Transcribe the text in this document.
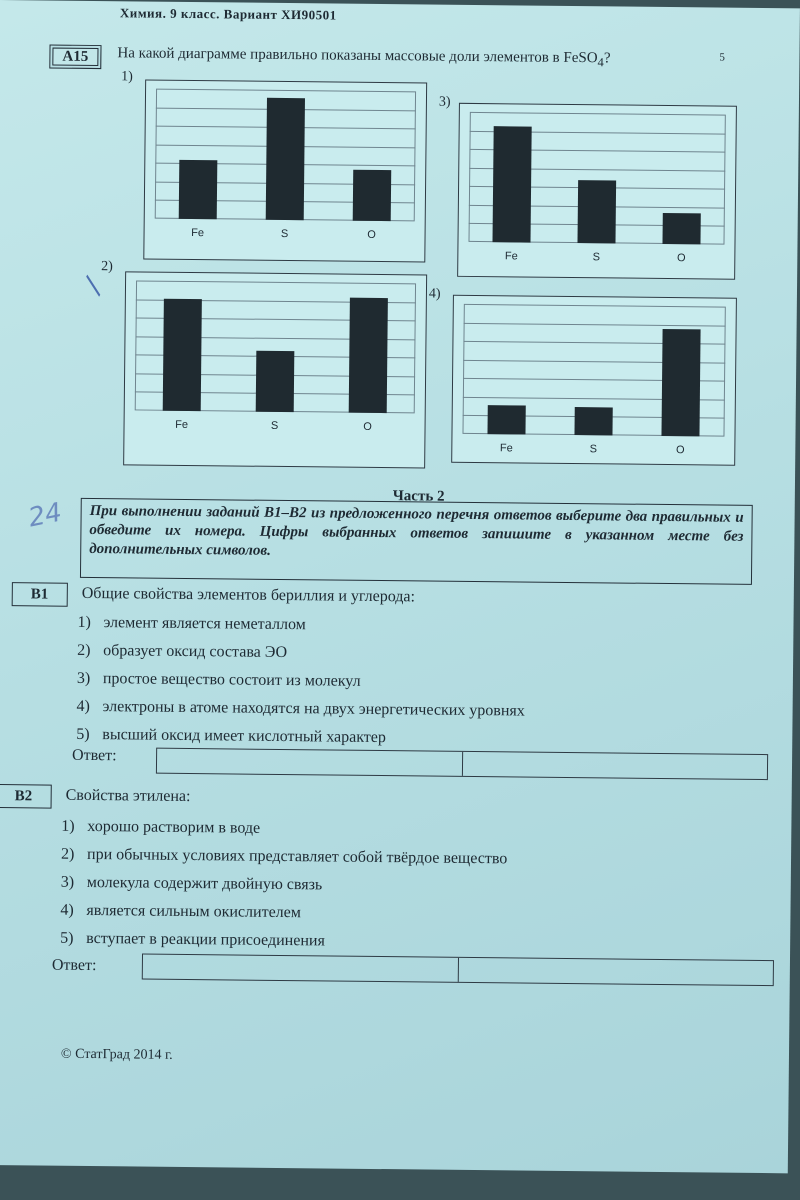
Химия. 9 класс. Вариант ХИ90501
5
А15	На какой диаграмме правильно показаны массовые доли элементов в FeSO$_4$?
1)
2)
3)
4)
Fe	S	O
Fe	S	O
Fe	S	O
Fe	S	O
/
Часть 2
24	При выполнении заданий В1–В2 из предложенного перечня ответов выберите два правильных и обведите их номера. Цифры выбранных ответов запишите в указанном месте без дополнительных символов.
В1	Общие свойства элементов бериллия и углерода:
1) элемент является неметаллом
2) образует оксид состава ЭО
3) простое вещество состоит из молекул
4) электроны в атоме находятся на двух энергетических уровнях
5) высший оксид имеет кислотный характер
Ответ:
В2	Свойства этилена:
1) хорошо растворим в воде
2) при обычных условиях представляет собой твёрдое вещество
3) молекула содержит двойную связь
4) является сильным окислителем
5) вступает в реакции присоединения
Ответ:
© СтатГрад 2014 г.
